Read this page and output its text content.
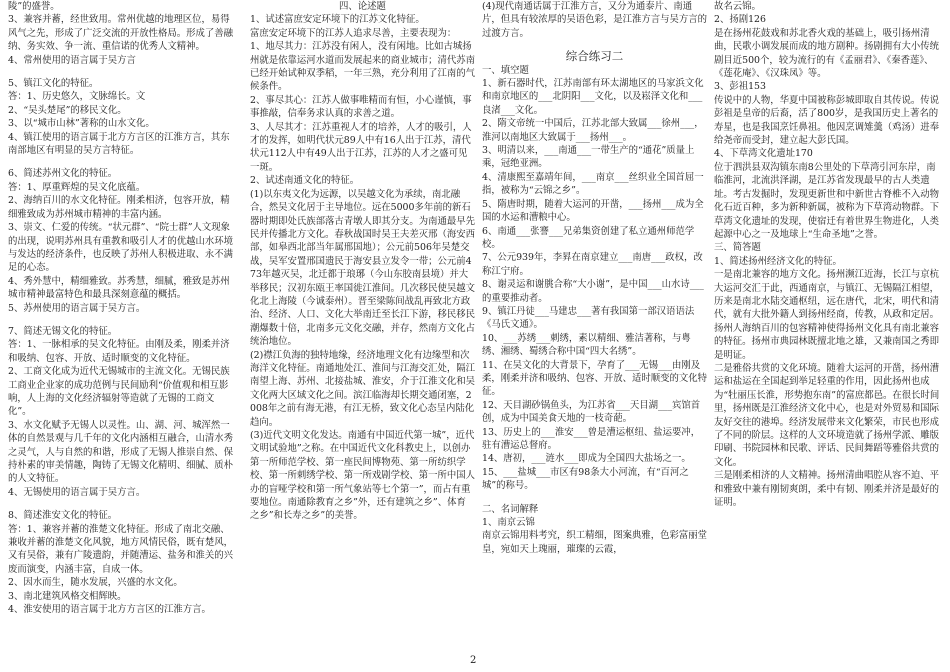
陵”的盛誉。

3、兼容并蓄，经世致用。常州优越的地理区位，易得风气之先，形成了广泛交流的开放性格局。形成了善融纳、务实效、争一流、重信诺的优秀人文精神。

4、常州使用的语言属于吴方言

5、镇江文化的特征。

答：1、历史悠久，文脉绵长。文

2、“吴头楚尾”的移民文化。

3、以“城市山林”著称的山水文化。

4、镇江使用的语言属于北方方言区的江淮方言，其东南部地区有明显的吴方言特征。

6、简述苏州文化的特征。

答：1、厚重辉煌的吴文化底蕴。

2、海纳百川的水文化特征。刚柔相济，包容开放，精细雅致成为苏州城市精神的丰富内涵。

3、崇文、仁爱的传统。“状元群”、“院士群”人文现象的出现，说明苏州具有重教和吸引人才的优越山水环境与发达的经济条件，也反映了苏州人积极进取、永不满足的心态。

4、秀外慧中，精细雅致。苏秀慧，细腻，雅致是苏州城市精神最富特色和最具深刻意蕴的概括。

5、苏州使用的语言属于吴方言。

7、简述无锡文化的特征。

答：1、一脉相承的吴文化特征。由刚及柔，刚柔并济和吸纳、包容、开放、适时顺变的文化特征。

2、工商文化成为近代无锡城市的主流文化。无锡民族工商业企业家的成功范例与民间励利“价值观和相互影响，人上海的文化经济辐射等造就了无锡的工商文化”。

3、水文化赋予无锡人以灵性。山、湖、河、城浑然一体的自然景观与几千年的文化内涵相互融合，山清水秀之灵气，人与自然的和谐，形成了无锡人推崇自然、保持朴素的审美情趣，陶铸了无锡文化精明、细腻、质朴的人文特征。

4、无锡使用的语言属于吴方言。

8、简述淮安文化的特征。

答：1、兼容并蓄的淮楚文化特征。形成了南北交融、兼收并蓄的淮楚文化风貌，地方风情民俗，既有楚风，又有吴俗，兼有广陵遗韵，并随漕运、盐务和淮关的兴废而演变，内涵丰富，自成一体。

2、因水而生，随水发展，兴盛的水文化。

3、南北建筑风格交相辉映。

4、淮安使用的语言属于北方方言区的江淮方言。

四、论述题

1、试述富庶安定环境下的江苏文化特征。

富庶安定环境下的江苏人追求尽善，主要表现为：

1、地尽其力：江苏没有闲人，没有闲地。比如古城扬州就是依靠运河水道而发展起来的商业城市；清代苏南已经开始试种双季稻，一年三熟，充分利用了江南的气候条件。

2、事尽其心：江苏人做事唯精而有恒，小心谨慎，事事推敲，信奉务求认真的求善之道。

3、人尽其才：江苏重视人才的培养，人才的吸引，人才的发挥，如明代状元89人中有16人出于江苏，清代状元112人中有49人出于江苏，江苏的人才之盛可见一斑。

2、试述南通文化的特征。

(1)以东夷文化为远源，以吴越文化为承续，南北融合，然吴文化居于主导地位。远在5000多年前的新石器时期即处氏族部落古青墩人即其分支。为南通最早先民并传播北方文化。春秋战国时吴王夫差灭邢（海安西部，如皋西北部当年属邢国地）；公元前506年吴楚交战，吴军安置邢国遗民于海安县立发令一带；公元前473年越灭吴，北迁都于琅琊（今山东胶南县境）并大举移民；汉初东瓯王率国徙江淮间。几次移民使吴越文化北上海陵（今诚泰州）。晋至梁陈间战乱再致北方政治、经济、人口、文化大举南迁至长江下游，移民移民潮爆数十倍，北南多元文化交融，并存，然南方文化占统治地位。

(2)襟江负海的独特地缘，经济地理文化有边缘型和次海洋文化特征。南通地处江、淮间与江海交汇处，隔江南望上海、苏州、北接盐城、淮安，介于江淮文化和吴文化两大区域文化之间。滨江临海却长期交通闭塞，2008年之前有海无港，有江无桥，致文化心态呈内陆化趋向。

(3)近代文明文化发达。南通有中国近代第一城”，近代文明试验地”之称。在中国近代文化科教史上，以创办第一所师范学校、第一座民间博物苑、第一所纺织学校、第一所刺绣学校、第一所戏剧学校、第一所中国人办的盲哑学校和第一所气象站等七个第一”，而占有重要地位。南通除教育之乡”外，还有建筑之乡”、体育之乡”和长寿之乡”的美誉。

(4)现代南通话属于江淮方言，又分为通泰片、南通片，但具有较浓厚的吴语色彩，是江淮方言与吴方言的过渡方言。

综合练习二

一、填空题

1、新石器时代，江苏南部有环太湖地区的马家浜文化和南京地区的___北阴阳___文化，以及崧泽文化和___良渚___文化。

2、隋文帝统一中国后，江苏北部大致属___徐州___，淮河以南地区大致属于___扬州___。

3、明清以来，___南通___一带生产的“通花”质量上乘，冠绝亚洲。

4、清康熙至嘉靖年间，___南京___丝织业全国首屈一指，被称为“云锦之乡”。

5、隋唐时期，随着大运河的开凿，___扬州___成为全国的水运和漕粮中心。

6、南通___张謇___兄弟集资创建了私立通州师范学校。

7、公元939年，李昪在南京建立___南唐___政权，改称江宁府。

8、谢灵运和谢朓合称“大小谢”，是中国___山水诗___的重要推动者。

9、镇江丹徒___马建忠___著有我国第一部汉语语法《马氏文通》。

10、___苏绣___刺绣，素以精细、雅洁著称，与粤绣、湘绣、蜀绣合称中国“四大名绣”。

11、在吴文化的大背景下，孕育了___无锡___由刚及柔，刚柔并济和吸纳、包容、开放、适时顺变的文化特征。

12、天目湖砂锅鱼头，为江苏省___天目湖___宾馆首创，成为中国美食天地的一枝奇葩。

13、历史上的___淮安___曾是漕运枢纽、盐运要冲，驻有漕运总督府。

14、唐初，___涟水___即成为全国四大盐场之一。

15、___盐城___市区有98条大小河流，有“百河之城”的称号。

二、名词解释

1、南京云锦

南京云锦用料考究，织工精细，图案典雅，色彩富丽堂皇，宛如天上瑰丽，璀璨的云霞，

故名云锦。

2、扬剧126

是在扬州花鼓戏和苏北香火戏的基础上，吸引扬州清曲，民歌小调发展而成的地方剧种。扬剧拥有大小传统剧目近500个，较为流行的有《孟丽君》、《秦香莲》、《莲花庵》、《汉珠凤》等。

3、彭祖153

传说中的人物，华夏中国被称彭城即取自其传说。传说彭祖是皇帝的后裔，活了800岁，是我国历史上著名的寿星，也是我国烹饪鼻祖。他因烹调雉羹（鸡汤）进奉给尧帝而受封，建立起大彭氏国。

4、下草湾文化遗址170

位于泗洪县双沟镇东南8公里处的下草湾引河东岸，南临淮河，北流洪泽湖，是江苏省发现最早的古人类遗址。考古发掘时，发现更新世和中新世古脊椎不入动物化石近百种，多为新种新属，被称为下草湾动物群。下草湾文化遗址的发现，使宿迁有着世界生物进化，人类起源中心之一及地球上“生命圣地”之誉。

三、简答题

1、简述扬州经济文化的特征。

一是南北兼容的地方文化。扬州濒江近海，长江与京杭大运河交汇于此，西通南京，与镇江、无锡隔江相望，历来是南北水陆交通枢纽，远在唐代，北宋，明代和清代，就有大批外籍人到扬州经商，传教，从政和定居。扬州人海纳百川的包容精神使得扬州文化具有南北兼容的特征。扬州市典园林既擅北地之雄，又兼南国之秀即是明证。

二是雅俗共赏的文化环境。随着大运河的开凿，扬州漕运和盐运在全国起到举足轻重的作用，因此扬州也成为“牡丽压长淮，形势抱东南”的富庶都邑。在很长时间里，扬州既是江淮经济文化中心，也是对外贸易和国际友好交往的港埠。经济发展带来文化繁荣，市民也形成了不同的阶层。这样的人文环境造就了扬州学派、雕版印刷、书院园林和民歌、评话、民间舞蹈等雅俗共赏的文化。

三是刚柔相济的人文精神。扬州清曲唱腔从容不迫、平和雅致中兼有刚韧爽朗，柔中有韧、刚柔并济是最好的证明。

2
